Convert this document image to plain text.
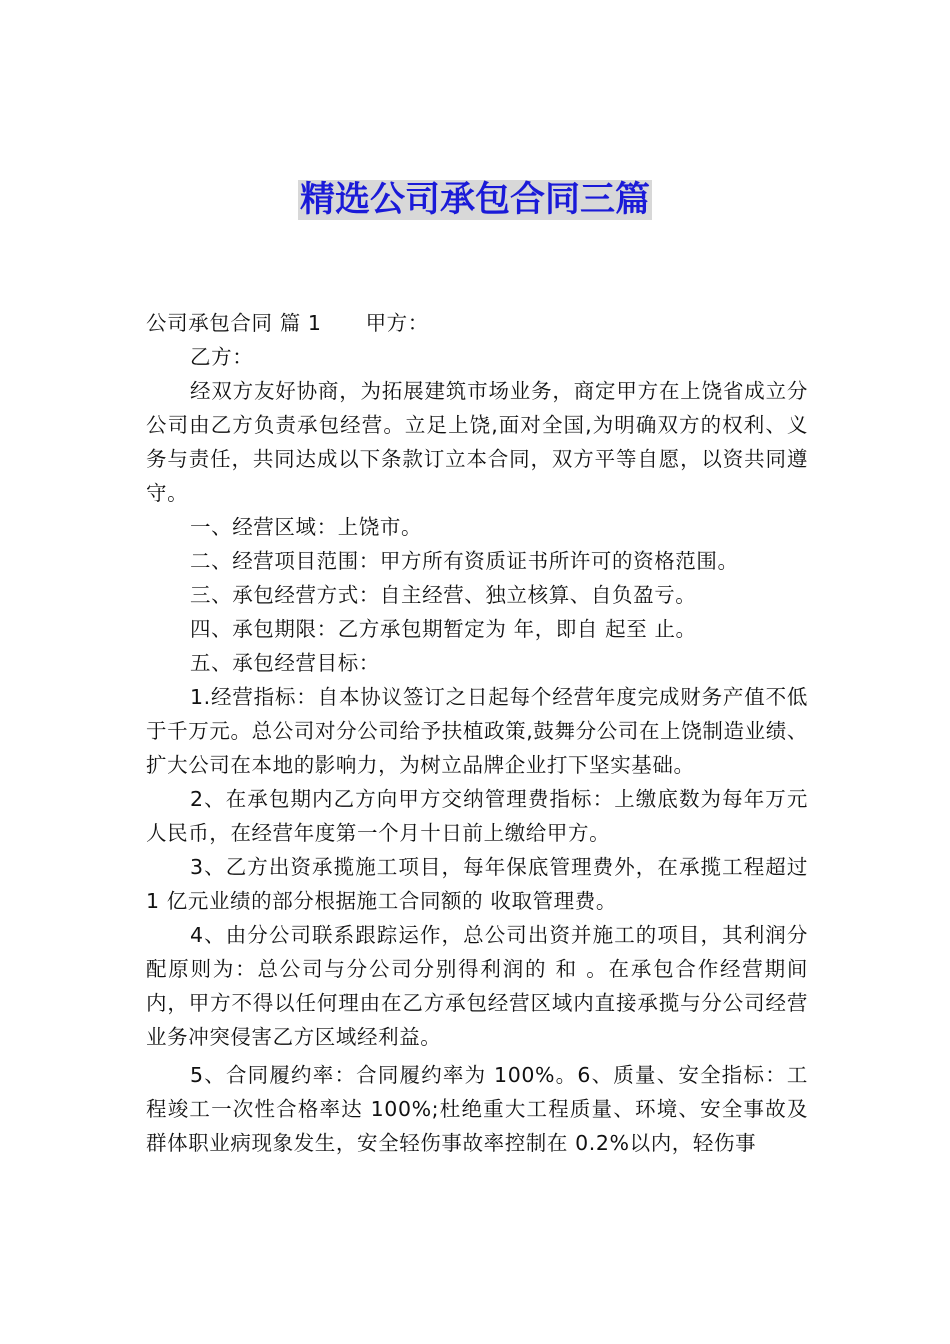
精选公司承包合同三篇

公司承包合同 篇 1 甲方：

乙方：

经双方友好协商，为拓展建筑市场业务，商定甲方在上饶省成立分公司由乙方负责承包经营。立足上饶,面对全国,为明确双方的权利、义务与责任，共同达成以下条款订立本合同，双方平等自愿，以资共同遵守。

一、经营区域：上饶市。

二、经营项目范围：甲方所有资质证书所许可的资格范围。

三、承包经营方式：自主经营、独立核算、自负盈亏。

四、承包期限：乙方承包期暂定为 年，即自 起至 止。

五、承包经营目标：

1.经营指标：自本协议签订之日起每个经营年度完成财务产值不低于千万元。总公司对分公司给予扶植政策,鼓舞分公司在上饶制造业绩、扩大公司在本地的影响力，为树立品牌企业打下坚实基础。

2、在承包期内乙方向甲方交纳管理费指标：上缴底数为每年万元人民币，在经营年度第一个月十日前上缴给甲方。

3、乙方出资承揽施工项目，每年保底管理费外，在承揽工程超过 1 亿元业绩的部分根据施工合同额的 收取管理费。

4、由分公司联系跟踪运作，总公司出资并施工的项目，其利润分配原则为：总公司与分公司分别得利润的 和 。在承包合作经营期间内，甲方不得以任何理由在乙方承包经营区域内直接承揽与分公司经营业务冲突侵害乙方区域经利益。

5、合同履约率：合同履约率为 100%。6、质量、安全指标：工程竣工一次性合格率达 100%;杜绝重大工程质量、环境、安全事故及群体职业病现象发生，安全轻伤事故率控制在 0.2%以内，轻伤事
